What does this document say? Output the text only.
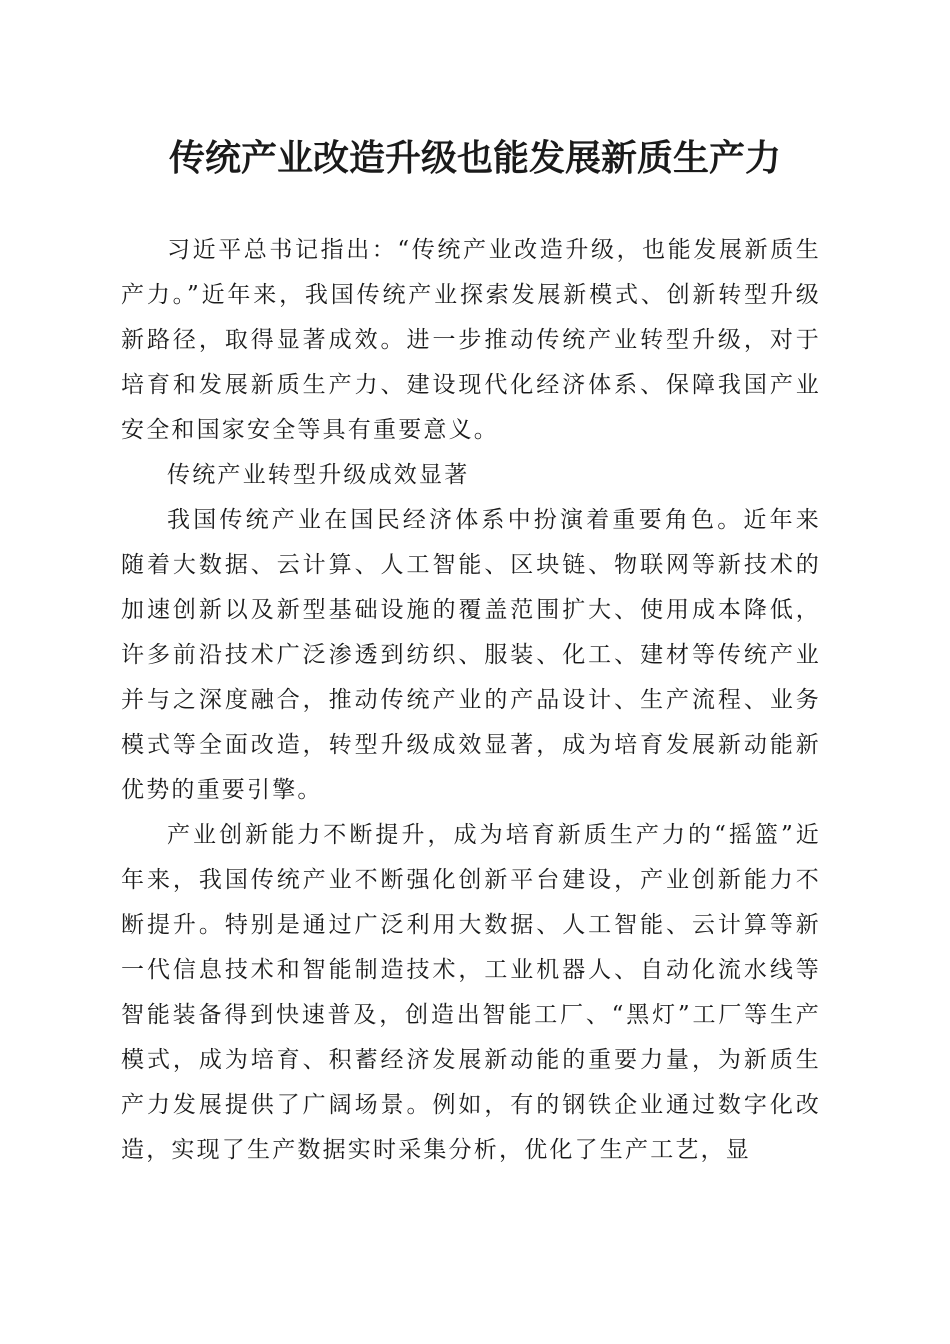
传统产业改造升级也能发展新质生产力

习近平总书记指出：“传统产业改造升级，也能发展新质生产力。”近年来，我国传统产业探索发展新模式、创新转型升级新路径，取得显著成效。进一步推动传统产业转型升级，对于培育和发展新质生产力、建设现代化经济体系、保障我国产业安全和国家安全等具有重要意义。

传统产业转型升级成效显著

我国传统产业在国民经济体系中扮演着重要角色。近年来随着大数据、云计算、人工智能、区块链、物联网等新技术的加速创新以及新型基础设施的覆盖范围扩大、使用成本降低，许多前沿技术广泛渗透到纺织、服装、化工、建材等传统产业并与之深度融合，推动传统产业的产品设计、生产流程、业务模式等全面改造，转型升级成效显著，成为培育发展新动能新优势的重要引擎。

产业创新能力不断提升，成为培育新质生产力的“摇篮”近年来，我国传统产业不断强化创新平台建设，产业创新能力不断提升。特别是通过广泛利用大数据、人工智能、云计算等新一代信息技术和智能制造技术，工业机器人、自动化流水线等智能装备得到快速普及，创造出智能工厂、“黑灯”工厂等生产模式，成为培育、积蓄经济发展新动能的重要力量，为新质生产力发展提供了广阔场景。例如，有的钢铁企业通过数字化改造，实现了生产数据实时采集分析，优化了生产工艺，显
